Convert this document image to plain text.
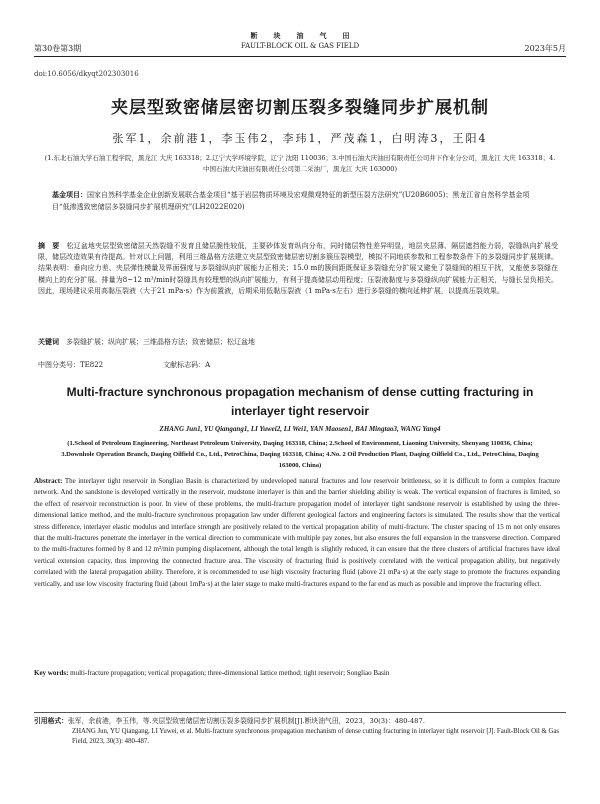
第30卷第3期
断块油气田
FAULT-BLOCK OIL & GAS FIELD	2023年5月
doi:10.6056/dkyqt202303016
夹层型致密储层密切割压裂多裂缝同步扩展机制
张军1，余前港1，李玉伟2，李玮1，严茂森1，白明涛3，王阳4
(1.东北石油大学石油工程学院，黑龙江 大庆 163318；2.辽宁大学环境学院，辽宁 沈阳 110036；3.中国石油大庆油田有限责任公司井下作业分公司，黑龙江 大庆 163318；4.中国石油大庆油田有限责任公司第二采油厂，黑龙江 大庆 163000)
基金项目：国家自然科学基金企业创新发展联合基金项目“基于岩层物质环境及宏观微观特征的新型压裂方法研究”(U20B6005)；黑龙江省自然科学基金项目“低渗透致密储层多裂缝同步扩展机理研究”(LH2022E020)
摘　要　 松辽盆地夹层型致密储层天然裂缝不发育且储层脆性较低，主要砂体发育纵向分布，同时储层物性差异明显，地层夹层薄、隔层遮挡能力弱，裂缝纵向扩展受限，储层改造效果有待提高。针对以上问题，利用三维晶格方法建立夹层型致密储层密切割多簇压裂模型，模拟不同地质参数和工程参数条件下的多裂缝同步扩展规律。结果表明：垂向应力差、夹层弹性模量及界面强度与多裂缝纵向扩展能力正相关；15.0 m的簇间距既保证多裂缝充分扩展又避免了裂缝间的相互干扰，又能使多裂缝在横向上的充分扩展。排量为8~12 m³/min时裂缝具有较理想的纵向扩展能力，有利于提高储层动用程度；压裂液黏度与多裂缝纵向扩展能力正相关，与缝长呈负相关。因此，现场建议采用高黏压裂液（大于21 mPa·s）作为前置液，后期采用低黏压裂液（1 mPa·s左右）进行多裂缝的横向延伸扩展，以提高压裂效果。
关键词　 多裂缝扩展；纵向扩展；三维晶格方法；致密储层；松辽盆地
中图分类号：TE822	文献标志码：A
Multi-fracture synchronous propagation mechanism of dense cutting fracturing in interlayer tight reservoir
ZHANG Jun1, YU Qiangang1, LI Yuwei2, LI Wei1, YAN Maosen1, BAI Mingtao3, WANG Yang4
(1.School of Petroleum Engineering, Northeast Petroleum University, Daqing 163318, China; 2.School of Environment, Liaoning University, Shenyang 110036, China; 3.Downhole Operation Branch, Daqing Oilfield Co., Ltd., PetroChina, Daqing 163318, China; 4.No. 2 Oil Production Plant, Daqing Oilfield Co., Ltd., PetroChina, Daqing 163000, China)
Abstract: The interlayer tight reservoir in Songliao Basin is characterized by undeveloped natural fractures and low reservoir brittleness, so it is difficult to form a complex fracture network. And the sandstone is developed vertically in the reservoir, mudstone interlayer is thin and the barrier shielding ability is weak. The vertical expansion of fractures is limited, so the effect of reservoir reconstruction is poor. In view of these problems, the multi-fracture propagation model of interlayer tight sandstone reservoir is established by using the three-dimensional lattice method, and the multi-fracture synchronous propagation law under different geological factors and engineering factors is simulated. The results show that the vertical stress difference, interlayer elastic modulus and interface strength are positively related to the vertical propagation ability of multi-fracture. The cluster spacing of 15 m not only ensures that the multi-fractures penetrate the interlayer in the vertical direction to communicate with multiple pay zones, but also ensures the full expansion in the transverse direction. Compared to the multi-fractures formed by 8 and 12 m³/min pumping displacement, although the total length is slightly reduced, it can ensure that the three clusters of artificial fractures have ideal vertical extension capacity, thus improving the connected fracture area. The viscosity of fracturing fluid is positively correlated with the vertical propagation ability, but negatively correlated with the lateral propagation ability. Therefore, it is recommended to use high viscosity fracturing fluid (above 21 mPa·s) at the early stage to promote the fractures expanding vertically, and use low viscosity fracturing fluid (about 1mPa·s) at the later stage to make multi-fractures expand to the far end as much as possible and improve the fracturing effect.
Key words: multi-fracture propagation; vertical propagation; three-dimensional lattice method; tight reservoir; Songliao Basin
引用格式：张军，余前港，李玉伟，等.夹层型致密储层密切割压裂多裂缝同步扩展机制[J].断块油气田，2023，30(3)：480-487.
ZHANG Jun, YU Qiangang, LI Yuwei, et al. Multi-fracture synchronous propagation mechanism of dense cutting fracturing in interlayer tight reservoir [J]. Fault-Block Oil & Gas Field, 2023, 30(3): 480-487.
